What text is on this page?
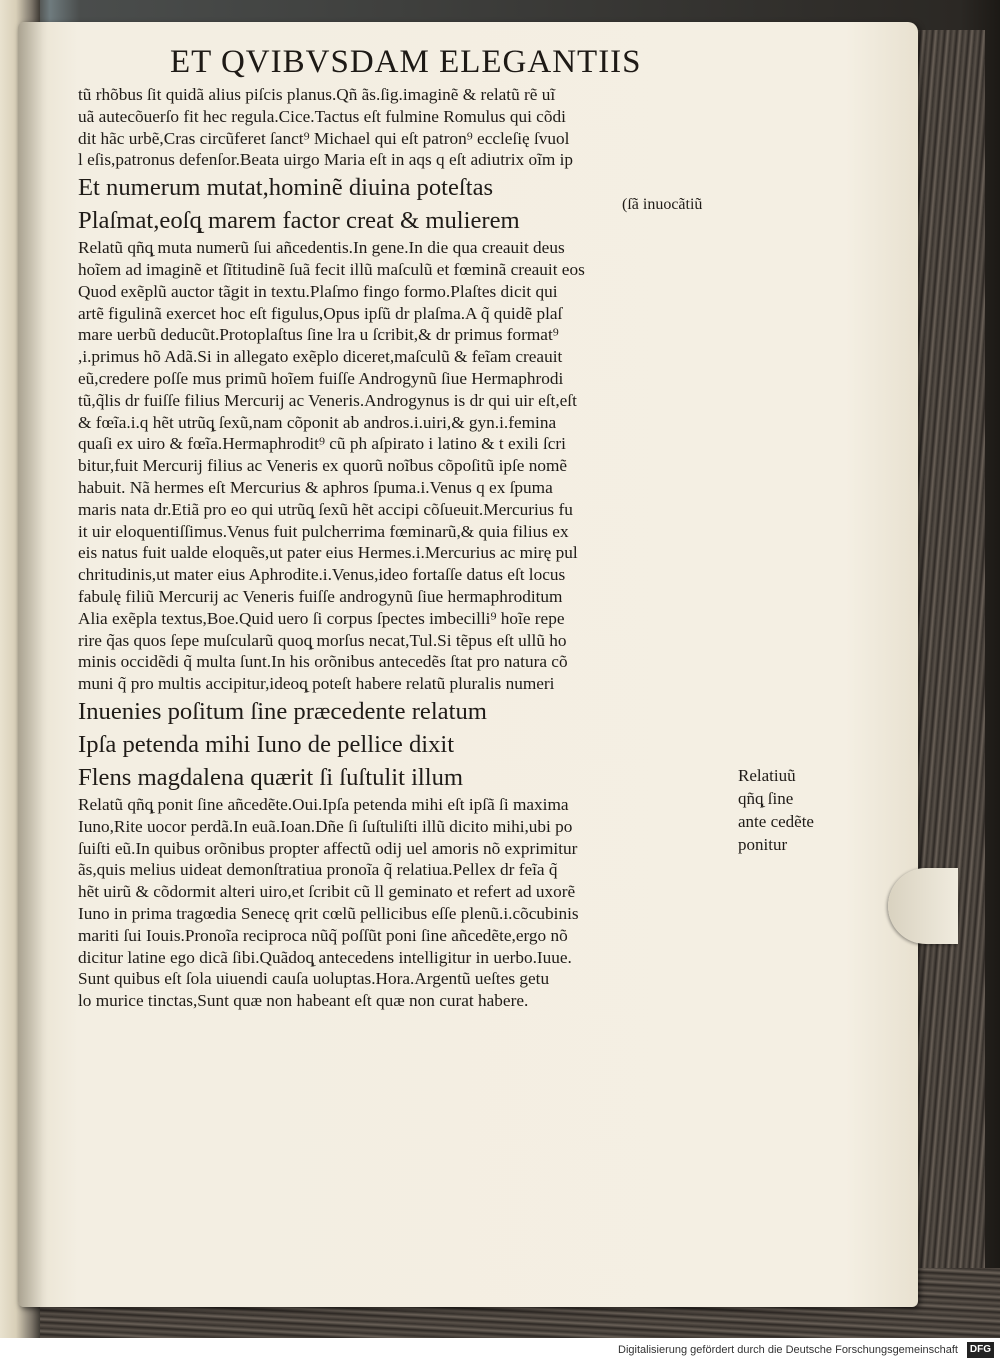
ET QVIBVSDAM ELEGANTIIS
tũ rhõbus ſit quidã alius piſcis planus.Qñ ãs.ſig.imaginẽ & relatũ rẽ uĩ
uã autecõuerſo fit hec regula.Cice.Tactus eſt fulmine Romulus qui cõdi
dit hãc urbẽ,Cras circũferet ſanct⁹ Michael qui eſt patron⁹ eccleſię ſvuol
l eſis,patronus defenſor.Beata uirgo Maria eſt in aqs q eſt adiutrix oĩm ip
Et numerum mutat,hominẽ diuina poteſtas
Plaſmat,eoſq̨ marem factor creat & mulierem
Relatũ qñq̨ muta numerũ ſui añcedentis.In gene.In die qua creauit deus
hoĩem ad imaginẽ et ſĩtitudinẽ ſuã fecit illũ maſculũ et fœminã creauit eos
Quod exẽplũ auctor tãgit in textu.Plaſmo fingo formo.Plaſtes dicit qui
artẽ figulinã exercet hoc eſt figulus,Opus ipſũ dr plaſma.A q̃ quidẽ plaſ
mare uerbũ deducũt.Protoplaſtus ſine lra u ſcribit,& dr primus format⁹
,i.primus hõ Adã.Si in allegato exẽplo diceret,maſculũ & feĩam creauit
eũ,credere poſſe mus primũ hoĩem fuiſſe Androgynũ ſiue Hermaphrodi
tũ,q̃lis dr fuiſſe filius Mercurij ac Veneris.Androgynus is dr qui uir eſt,eſt
& fœĩa.i.q hẽt utrũq̨ ſexũ,nam cõponit ab andros.i.uiri,& gyn.i.femina
quaſi ex uiro & fœĩa.Hermaphrodit⁹ cũ ph aſpirato i latino & t exili ſcri
bitur,fuit Mercurij filius ac Veneris ex quorũ noĩbus cõpoſitũ ipſe nomẽ
habuit. Nã hermes eſt Mercurius & aphros ſpuma.i.Venus q ex ſpuma
maris nata dr.Etiã pro eo qui utrũq̨ ſexũ hẽt accipi cõſueuit.Mercurius fu
it uir eloquentiſſimus.Venus fuit pulcherrima fœminarũ,& quia filius ex
eis natus fuit ualde eloquẽs,ut pater eius Hermes.i.Mercurius ac mirę pul
chritudinis,ut mater eius Aphrodite.i.Venus,ideo fortaſſe datus eſt locus
fabulę filiũ Mercurij ac Veneris fuiſſe androgynũ ſiue hermaphroditum
Alia exẽpla textus,Boe.Quid uero ſi corpus ſpectes imbecilli⁹ hoĩe repe
rire q̃as quos ſepe muſcularũ quoq̨ morſus necat,Tul.Si tẽpus eſt ullũ ho
minis occidẽdi q̃ multa ſunt.In his orõnibus antecedẽs ſtat pro natura cõ
muni q̃ pro multis accipitur,ideoq̨ poteſt habere relatũ pluralis numeri
Inuenies poſitum ſine præcedente relatum
Ipſa petenda mihi Iuno de pellice dixit
Flens magdalena quærit ſi ſuſtulit illum
Relatũ qñq̨ ponit ſine añcedẽte.Oui.Ipſa petenda mihi eſt ipſã ſi maxima
Iuno,Rite uocor perdã.In euã.Ioan.Dñe ſi ſuſtuliſti illũ dicito mihi,ubi po
ſuiſti eũ.In quibus orõnibus propter affectũ odij uel amoris nõ exprimitur
ãs,quis melius uideat demonſtratiua pronoĩa q̃ relatiua.Pellex dr feĩa q̃
hẽt uirũ & cõdormit alteri uiro,et ſcribit cũ ll geminato et refert ad uxorẽ
Iuno in prima tragœdia Senecę qrit cœlũ pellicibus eſſe plenũ.i.cõcubinis
mariti ſui Iouis.Pronoĩa reciproca nũq̃ poſſũt poni ſine añcedẽte,ergo nõ
dicitur latine ego dicã ſibi.Quãdoq̨ antecedens intelligitur in uerbo.Iuue.
Sunt quibus eſt ſola uiuendi cauſa uoluptas.Hora.Argentũ ueſtes getu
lo murice tinctas,Sunt quæ non habeant eſt quæ non curat habere.
(ſã inuocãtiũ
Relatiuũ
qñq̨ ſine
ante cedẽte
ponitur
Digitalisierung gefördert durch die Deutsche Forschungsgemeinschaft	DFG
